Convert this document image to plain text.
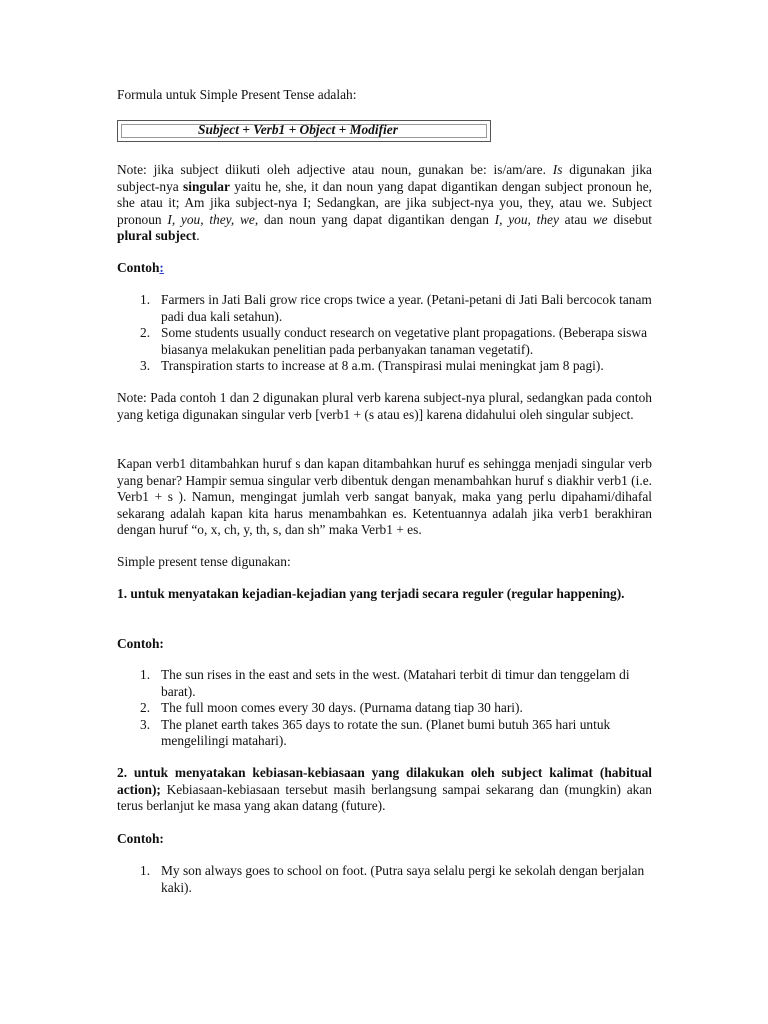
Formula untuk Simple Present Tense adalah:

Subject + Verb1 + Object + Modifier

Note: jika subject diikuti oleh adjective atau noun, gunakan be: is/am/are. Is digunakan jika subject-nya singular yaitu he, she, it dan noun yang dapat digantikan dengan subject pronoun he, she atau it; Am jika subject-nya I; Sedangkan, are jika subject-nya you, they, atau we. Subject pronoun I, you, they, we, dan noun yang dapat digantikan dengan I, you, they atau we disebut plural subject.

Contoh:

1. Farmers in Jati Bali grow rice crops twice a year. (Petani-petani di Jati Bali bercocok tanam padi dua kali setahun).
2. Some students usually conduct research on vegetative plant propagations. (Beberapa siswa biasanya melakukan penelitian pada perbanyakan tanaman vegetatif).
3. Transpiration starts to increase at 8 a.m. (Transpirasi mulai meningkat jam 8 pagi).

Note: Pada contoh 1 dan 2 digunakan plural verb karena subject-nya plural, sedangkan pada contoh yang ketiga digunakan singular verb [verb1 + (s atau es)] karena didahului oleh singular subject.

Kapan verb1 ditambahkan huruf s dan kapan ditambahkan huruf es sehingga menjadi singular verb yang benar? Hampir semua singular verb dibentuk dengan menambahkan huruf s diakhir verb1 (i.e. Verb1 + s ). Namun, mengingat jumlah verb sangat banyak, maka yang perlu dipahami/dihafal sekarang adalah kapan kita harus menambahkan es. Ketentuannya adalah jika verb1 berakhiran dengan huruf “o, x, ch, y, th, s, dan sh” maka Verb1 + es.

Simple present tense digunakan:

1. untuk menyatakan kejadian-kejadian yang terjadi secara reguler (regular happening).

Contoh:

1. The sun rises in the east and sets in the west. (Matahari terbit di timur dan tenggelam di barat).
2. The full moon comes every 30 days. (Purnama datang tiap 30 hari).
3. The planet earth takes 365 days to rotate the sun. (Planet bumi butuh 365 hari untuk mengelilingi matahari).

2. untuk menyatakan kebiasan-kebiasaan yang dilakukan oleh subject kalimat (habitual action); Kebiasaan-kebiasaan tersebut masih berlangsung sampai sekarang dan (mungkin) akan terus berlanjut ke masa yang akan datang (future).

Contoh:

1. My son always goes to school on foot. (Putra saya selalu pergi ke sekolah dengan berjalan kaki).
